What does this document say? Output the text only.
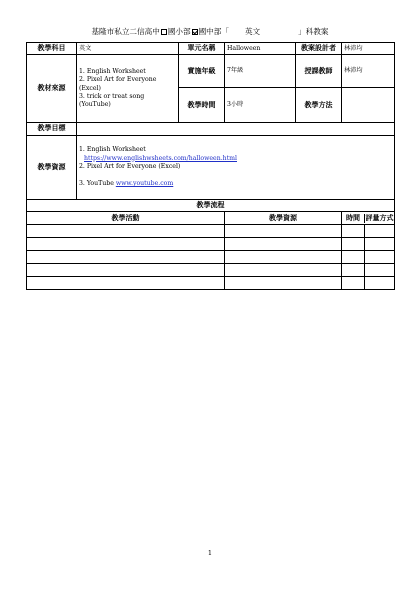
基隆市私立二信高中 國小部 國中部「 英文	」科教案
教學科目	英文	單元名稱	Halloween	教案設計者	林沛均
教材來源	1. English Worksheet
2. Pixel Art for Everyone
(Excel)
3. trick or treat song
(YouTube)	實施年級	7年級	授課教師	林沛均
		教學時間	3小時	教學方法	
教學目標					
教學資源	1. English Worksheet
https://www.englishwsheets.com/halloween.html
2. Pixel Art for Everyone (Excel)
3. YouTube www.youtube.com				

教學流程					
教學活動			教學資源		時間 評量方式

1
